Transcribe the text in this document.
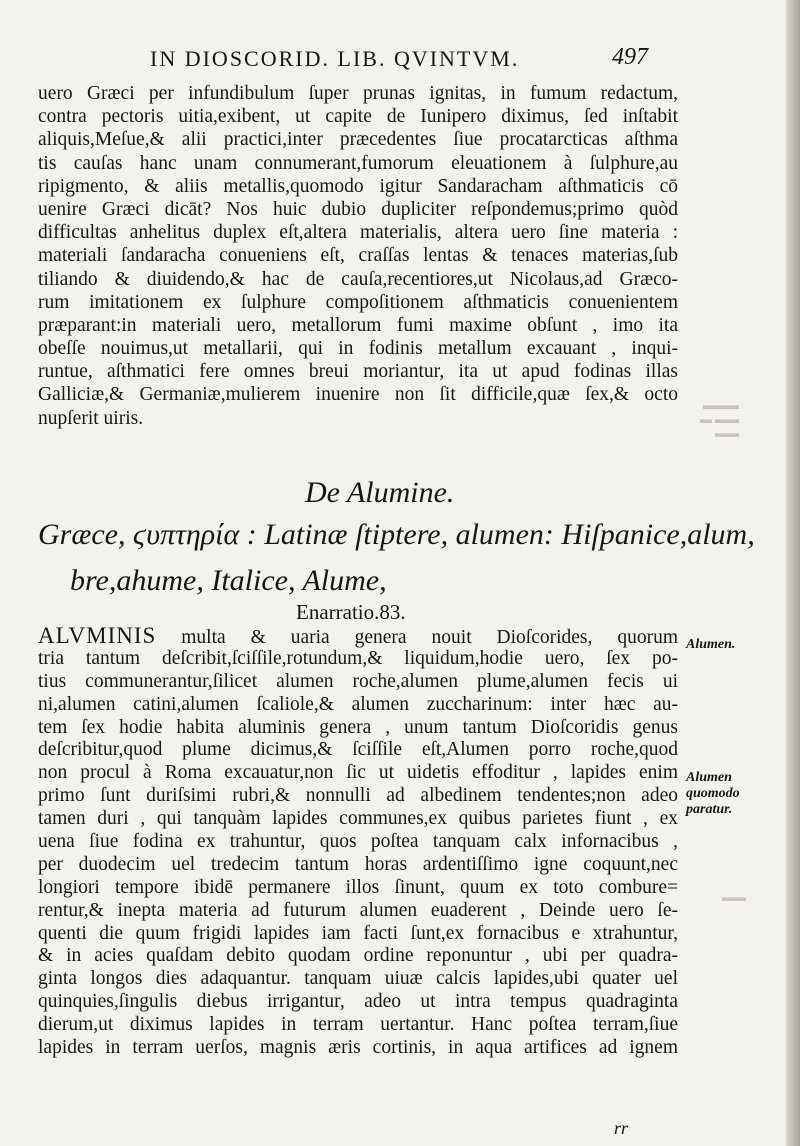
IN DIOSCORID. LIB. QVINTVM.	497
uero Græci per infundibulum ſuper prunas ignitas, in fumum redactum,
contra pectoris uitia,exibent, ut capite de Iunipero diximus, ſed inſtabit
aliquis,Meſue,& alii practici,inter præcedentes ſiue procatarcticas aſthma
tis cauſas hanc unam connumerant,fumorum eleuationem à ſulphure,au
ripigmento, & aliis metallis,quomodo igitur Sandaracham aſthmaticis cō
uenire Græci dicāt? Nos huic dubio dupliciter reſpondemus;primo quòd
difficultas anhelitus duplex eſt,altera materialis, altera uero ſine materia :
materiali ſandaracha conueniens eſt, craſſas lentas & tenaces materias,ſub
tiliando & diuidendo,& hac de cauſa,recentiores,ut Nicolaus,ad Græco-
rum imitationem ex ſulphure compoſitionem aſthmaticis conuenientem
præparant:in materiali uero, metallorum fumi maxime obſunt , imo ita
obeſſe nouimus,ut metallarii, qui in fodinis metallum excauant , inqui-
runtue, aſthmatici fere omnes breui moriantur, ita ut apud fodinas illas
Galliciæ,& Germaniæ,mulierem inuenire non ſit difficile,quæ ſex,& octo
nupſerit uiris.
De Alumine.
Græce, ϛυπτηρία : Latinæ ſtiptere, alumen: Hiſpanice,alum,
bre,ahume, Italice, Alume,
Enarratio.83.
ALVMINIS multa & uaria genera nouit Dioſcorides, quorum
tria tantum deſcribit,ſciſſile,rotundum,& liquidum,hodie uero, ſex po-
tius communerantur,ſilicet alumen roche,alumen plume,alumen fecis ui
ni,alumen catini,alumen ſcaliole,& alumen zuccharinum: inter hæc au-
tem ſex hodie habita aluminis genera , unum tantum Dioſcoridis genus
deſcribitur,quod plume dicimus,& ſciſſile eſt,Alumen porro roche,quod
non procul à Roma excauatur,non ſic ut uidetis effoditur , lapides enim
primo ſunt duriſsimi rubri,& nonnulli ad albedinem tendentes;non adeo
tamen duri , qui tanquàm lapides communes,ex quibus parietes fiunt , ex
uena ſiue fodina ex trahuntur, quos poſtea tanquam calx infornacibus ,
per duodecim uel tredecim tantum horas ardentiſſimo igne coquunt,nec
longiori tempore ibidē permanere illos ſinunt, quum ex toto combure=
rentur,& inepta materia ad futurum alumen euaderent , Deinde uero ſe-
quenti die quum frigidi lapides iam facti ſunt,ex fornacibus e xtrahuntur,
& in acies quaſdam debito quodam ordine reponuntur , ubi per quadra-
ginta longos dies adaquantur. tanquam uiuæ calcis lapides,ubi quater uel
quinquies,ſingulis diebus irrigantur, adeo ut intra tempus quadraginta
dierum,ut diximus lapides in terram uertantur. Hanc poſtea terram,ſiue
lapides in terram uerſos, magnis æris cortinis, in aqua artifices ad ignem
Alumen.
Alumen
quomodo
paratur.
▬▬▬
▬▬ ▬
▬▬
▬▬
rr
